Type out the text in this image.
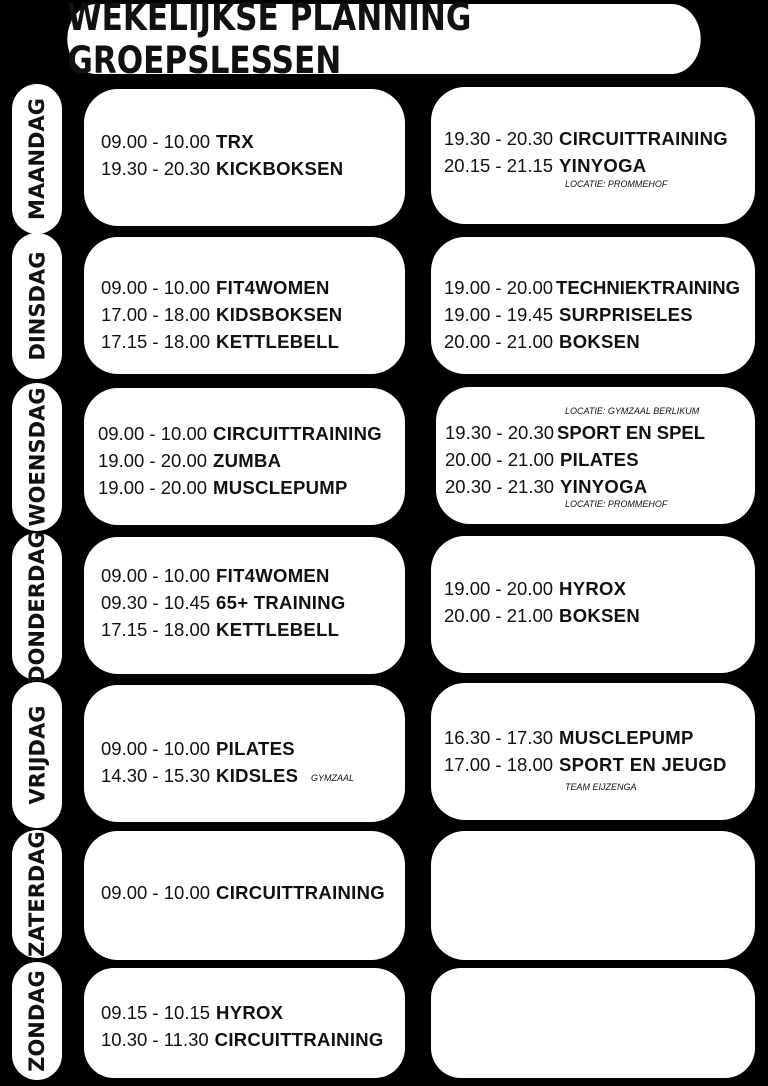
WEKELIJKSE PLANNING GROEPSLESSEN
MAANDAG	09.00 - 10.00 TRX
19.30 - 20.30 KICKBOKSEN
19.30 - 20.30 CIRCUITTRAINING
20.15 - 21.15 YINYOGA
LOCATIE: PROMMEHOF
DINSDAG	09.00 - 10.00 FIT4WOMEN
17.00 - 18.00 KIDSBOKSEN
17.15 - 18.00 KETTLEBELL
19.00 - 20.00 TECHNIEKTRAINING
19.00 - 19.45 SURPRISELES
20.00 - 21.00 BOKSEN
WOENSDAG	09.00 - 10.00 CIRCUITTRAINING
19.00 - 20.00 ZUMBA
19.00 - 20.00 MUSCLEPUMP
LOCATIE: GYMZAAL BERLIKUM
19.30 - 20.30 SPORT EN SPEL
20.00 - 21.00 PILATES
20.30 - 21.30 YINYOGA
LOCATIE: PROMMEHOF
DONDERDAG	09.00 - 10.00 FIT4WOMEN
09.30 - 10.45 65+ TRAINING
17.15 - 18.00 KETTLEBELL
19.00 - 20.00 HYROX
20.00 - 21.00 BOKSEN
VRIJDAG	09.00 - 10.00 PILATES
14.30 - 15.30 KIDSLES GYMZAAL
16.30 - 17.30 MUSCLEPUMP
17.00 - 18.00 SPORT EN JEUGD
TEAM EIJZENGA
ZATERDAG	09.00 - 10.00 CIRCUITTRAINING
ZONDAG	09.15 - 10.15 HYROX
10.30 - 11.30 CIRCUITTRAINING
